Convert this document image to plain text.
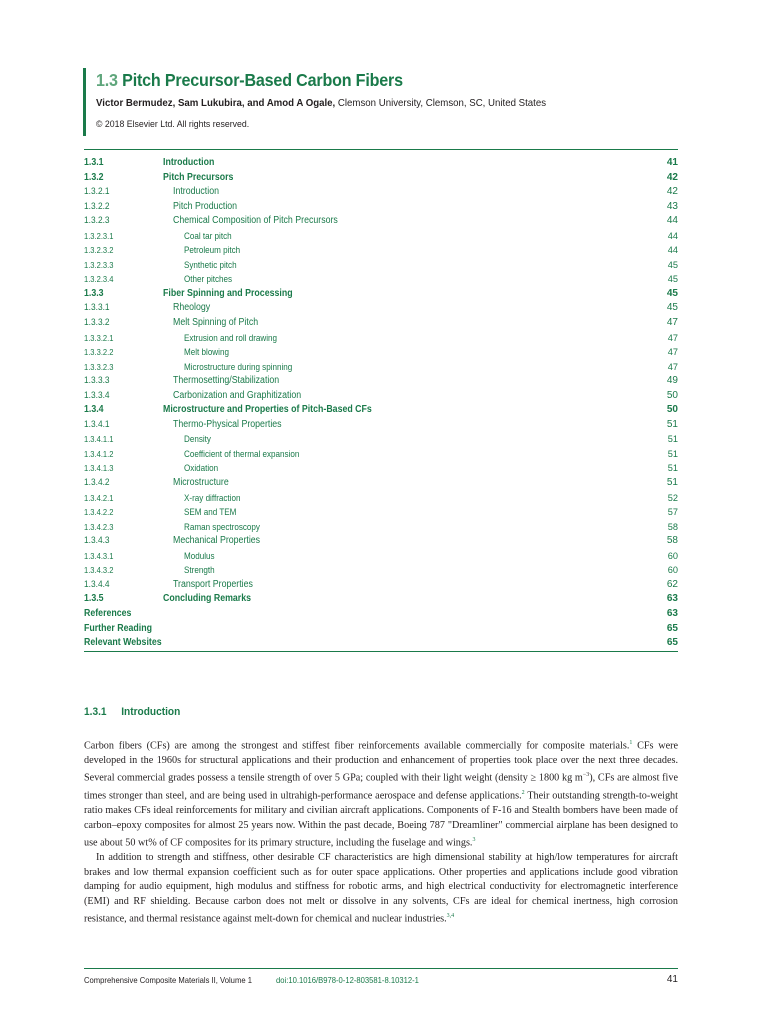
1.3 Pitch Precursor-Based Carbon Fibers
Victor Bermudez, Sam Lukubira, and Amod A Ogale, Clemson University, Clemson, SC, United States
© 2018 Elsevier Ltd. All rights reserved.
1.3.1	Introduction	41
1.3.2	Pitch Precursors	42
1.3.2.1	Introduction	42
1.3.2.2	Pitch Production	43
1.3.2.3	Chemical Composition of Pitch Precursors	44
1.3.2.3.1	Coal tar pitch	44
1.3.2.3.2	Petroleum pitch	44
1.3.2.3.3	Synthetic pitch	45
1.3.2.3.4	Other pitches	45
1.3.3	Fiber Spinning and Processing	45
1.3.3.1	Rheology	45
1.3.3.2	Melt Spinning of Pitch	47
1.3.3.2.1	Extrusion and roll drawing	47
1.3.3.2.2	Melt blowing	47
1.3.3.2.3	Microstructure during spinning	47
1.3.3.3	Thermosetting/Stabilization	49
1.3.3.4	Carbonization and Graphitization	50
1.3.4	Microstructure and Properties of Pitch-Based CFs	50
1.3.4.1	Thermo-Physical Properties	51
1.3.4.1.1	Density	51
1.3.4.1.2	Coefficient of thermal expansion	51
1.3.4.1.3	Oxidation	51
1.3.4.2	Microstructure	51
1.3.4.2.1	X-ray diffraction	52
1.3.4.2.2	SEM and TEM	57
1.3.4.2.3	Raman spectroscopy	58
1.3.4.3	Mechanical Properties	58
1.3.4.3.1	Modulus	60
1.3.4.3.2	Strength	60
1.3.4.4	Transport Properties	62
1.3.5	Concluding Remarks	63
References	63
Further Reading	65
Relevant Websites	65
1.3.1 Introduction

Carbon fibers (CFs) are among the strongest and stiffest fiber reinforcements available commercially for composite materials.$^1$ CFs were developed in the 1960s for structural applications and their production and enhancement of properties took place over the next three decades. Several commercial grades possess a tensile strength of over 5 GPa; coupled with their light weight (density ≥ 1800 kg $m^{-3}$), CFs are almost five times stronger than steel, and are being used in ultrahigh-performance aerospace and defense applications.$^2$ Their outstanding strength-to-weight ratio makes CFs ideal reinforcements for military and civilian aircraft applications. Components of F-16 and Stealth bombers have been made of carbon–epoxy composites for almost 25 years now. Within the past decade, Boeing 787 "Dreamliner" commercial airplane has been designed to use about 50 wt% of CF composites for its primary structure, including the fuselage and wings.$^3$

In addition to strength and stiffness, other desirable CF characteristics are high dimensional stability at high/low temperatures for aircraft brakes and low thermal expansion coefficient such as for outer space applications. Other properties and applications include good vibration damping for audio equipment, high modulus and stiffness for robotic arms, and high electrical conductivity for electromagnetic interference (EMI) and RF shielding. Because carbon does not melt or dissolve in any solvents, CFs are ideal for chemical inertness, high corrosion resistance, and thermal resistance against melt-down for chemical and nuclear industries.$^{3,4}$

Comprehensive Composite Materials II, Volume 1	doi:10.1016/B978-0-12-803581-8.10312-1	41
